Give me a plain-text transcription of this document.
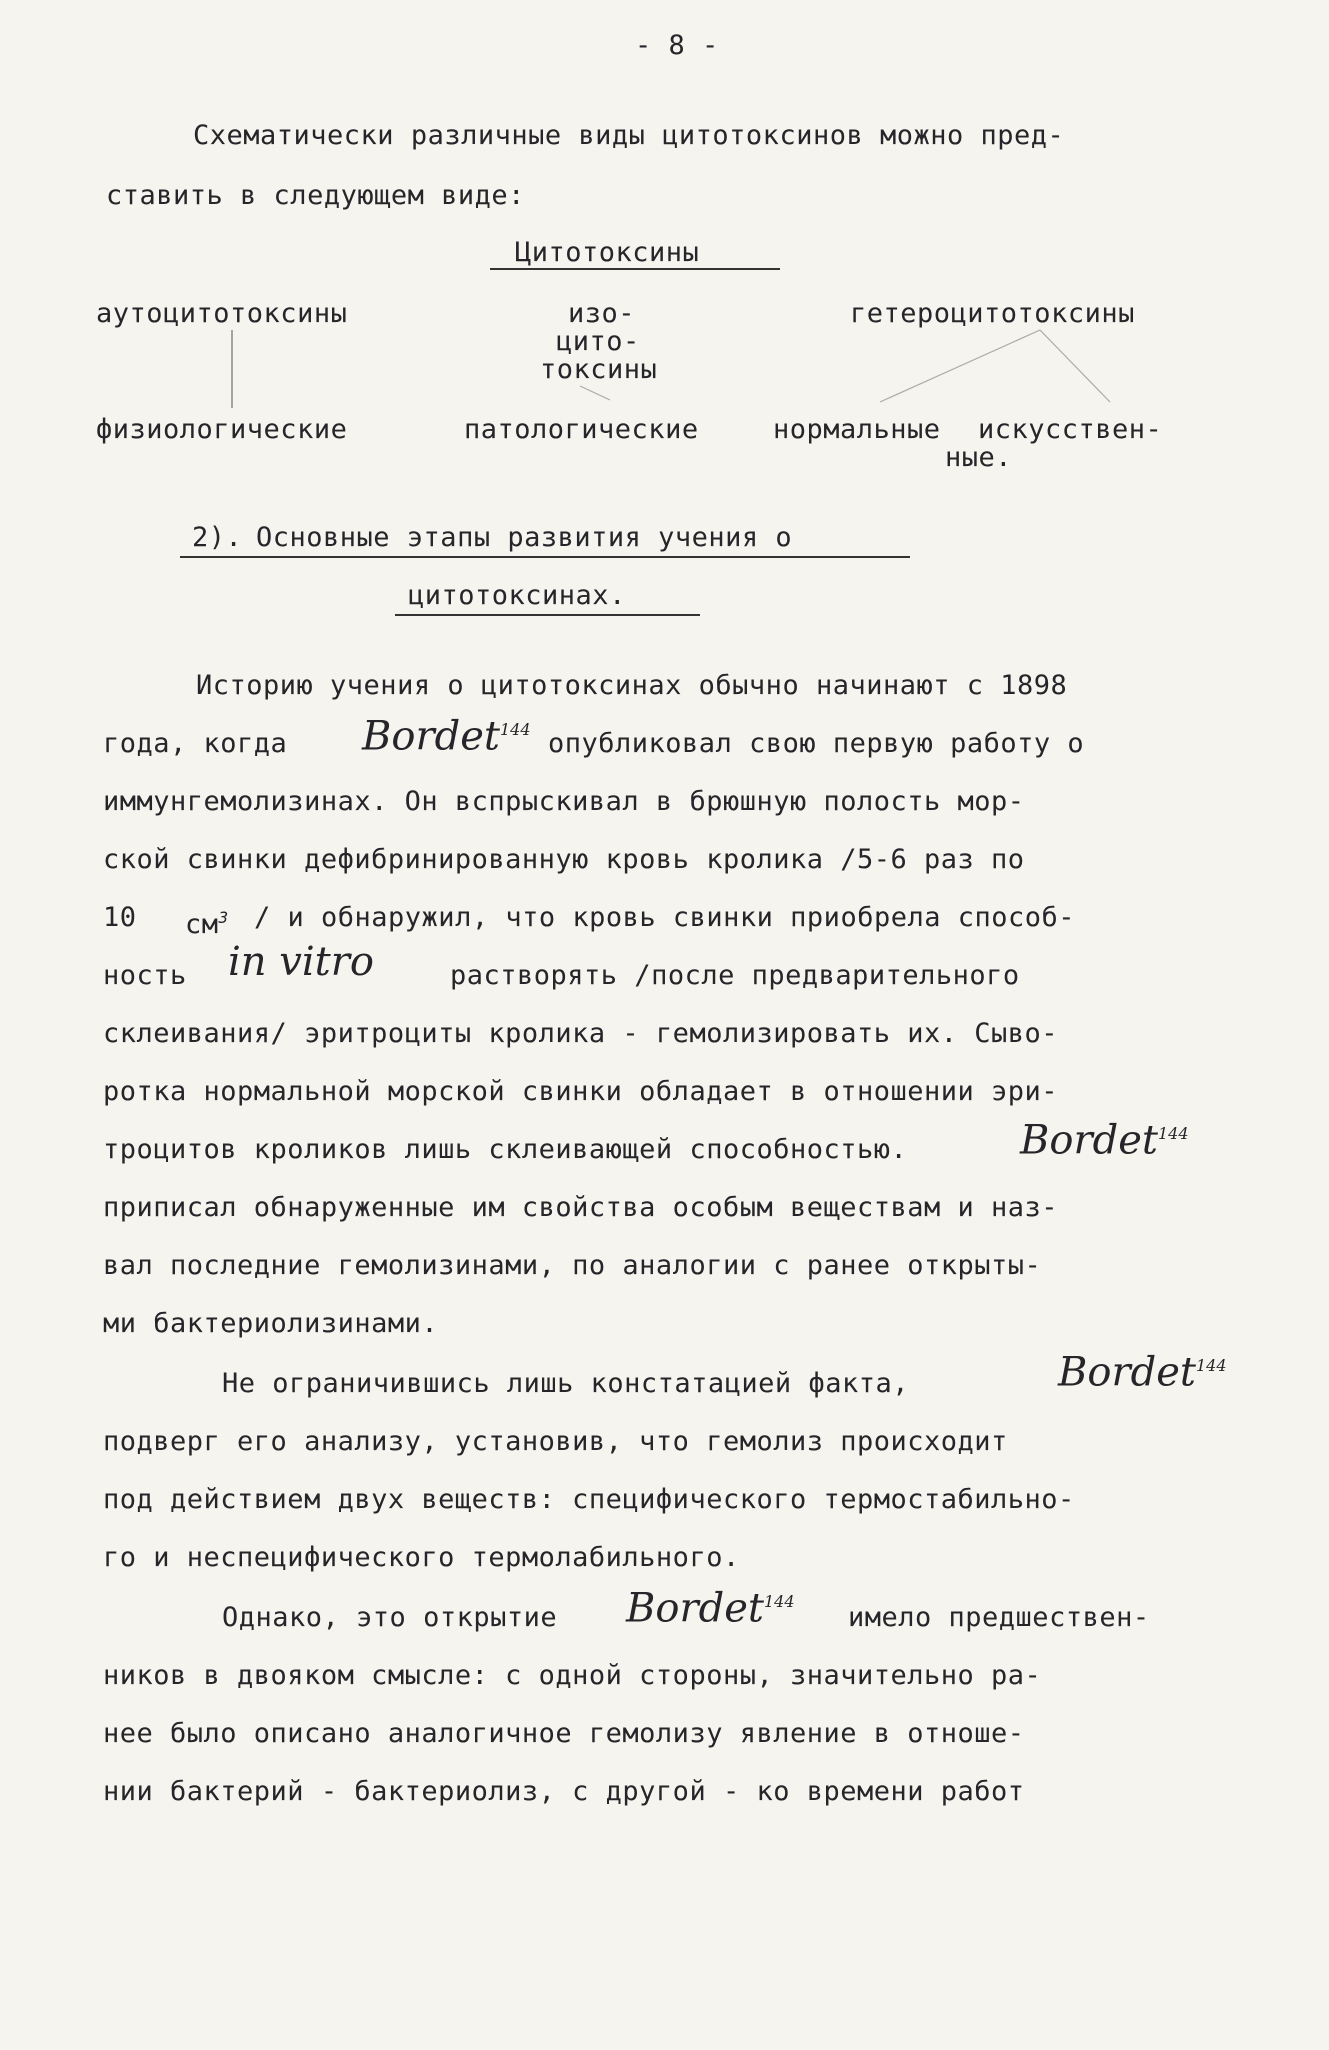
- 8 -
Схематически различные виды цитотоксинов можно пред-
ставить в следующем виде:
Цитотоксины
аутоцитотоксины	изо-
цито-
токсины
гетероцитотоксины
физиологические	патологические	нормальные искусствен-
ные.
2). Основные этапы развития учения о
цитотоксинах.
Историю учения о цитотоксинах обычно начинают с 1898
года, когда Bordet$^{144}$ опубликовал свою первую работу о
иммунгемолизинах. Он вспрыскивал в брюшную полость мор-
ской свинки дефибринированную кровь кролика /5-6 раз по
10 $см^3$ / и обнаружил, что кровь свинки приобрела способ-
ность in vitro	растворять /после предварительного
склеивания/ эритроциты кролика - гемолизировать их. Сыво-
ротка нормальной морской свинки обладает в отношении эри-
троцитов кроликов лишь склеивающей способностью.	Bordet$^{144}$
приписал обнаруженные им свойства особым веществам и наз-
вал последние гемолизинами, по аналогии с ранее открыты-
ми бактериолизинами.
Не ограничившись лишь констатацией факта,	Bordet$^{144}$
подверг его анализу, установив, что гемолиз происходит
под действием двух веществ: специфического термостабильно-
го и неспецифического термолабильного.
Однако, это открытие Bordet$^{144}$
имело предшествен-
ников в двояком смысле: с одной стороны, значительно ра-
нее было описано аналогичное гемолизу явление в отноше-
нии бактерий - бактериолиз, с другой - ко времени работ
